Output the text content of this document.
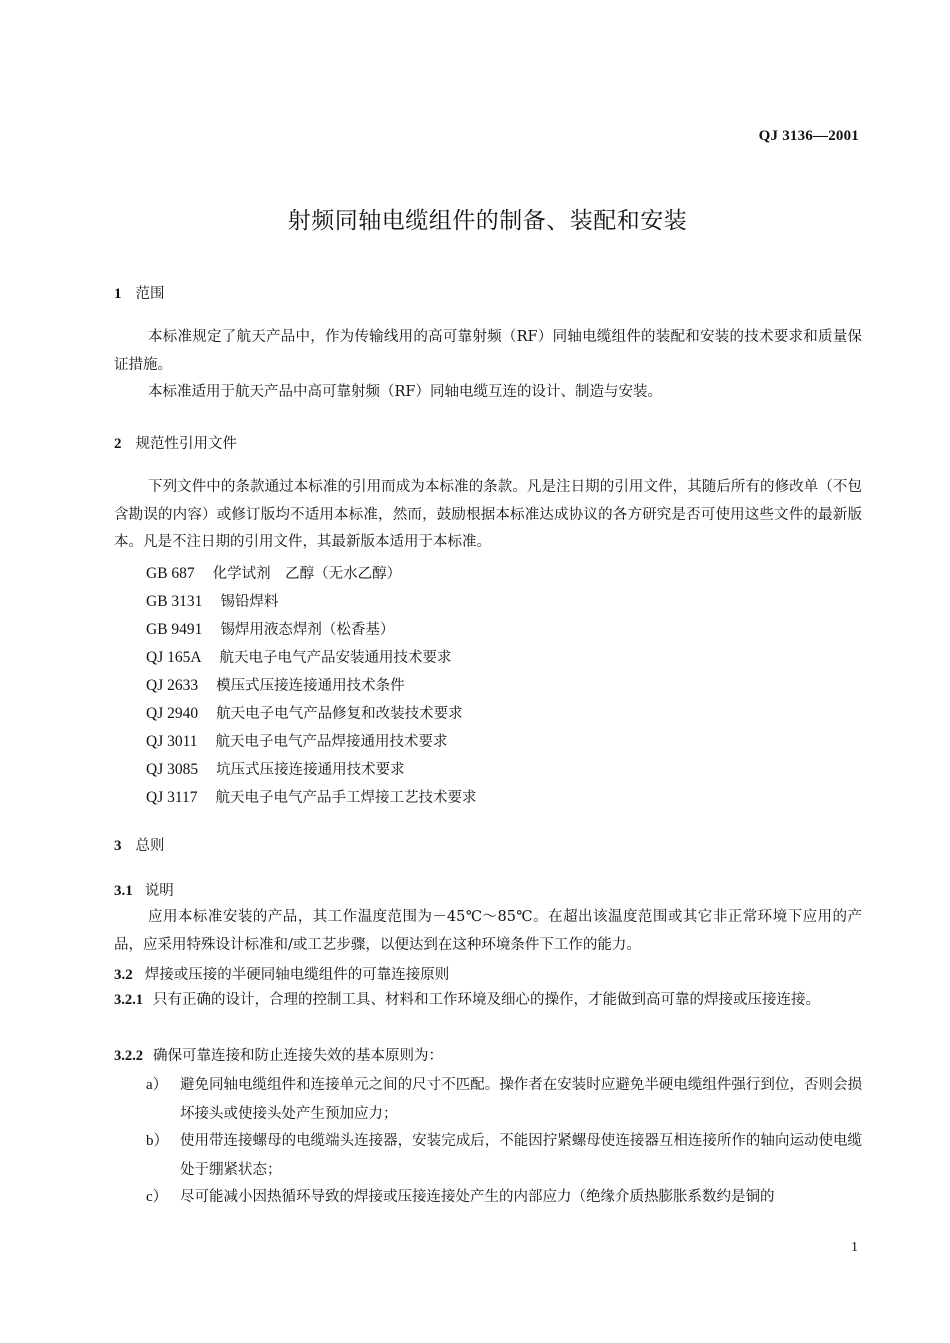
QJ 3136—2001
射频同轴电缆组件的制备、装配和安装
1 范围
本标准规定了航天产品中，作为传输线用的高可靠射频（RF）同轴电缆组件的装配和安装的技术要求和质量保证措施。
本标准适用于航天产品中高可靠射频（RF）同轴电缆互连的设计、制造与安装。
2 规范性引用文件
下列文件中的条款通过本标准的引用而成为本标准的条款。凡是注日期的引用文件，其随后所有的修改单（不包含勘误的内容）或修订版均不适用本标准，然而，鼓励根据本标准达成协议的各方研究是否可使用这些文件的最新版本。凡是不注日期的引用文件，其最新版本适用于本标准。
GB 687 化学试剂　乙醇（无水乙醇）
GB 3131 锡铅焊料
GB 9491 锡焊用液态焊剂（松香基）
QJ 165A 航天电子电气产品安装通用技术要求
QJ 2633 模压式压接连接通用技术条件
QJ 2940 航天电子电气产品修复和改装技术要求
QJ 3011 航天电子电气产品焊接通用技术要求
QJ 3085 坑压式压接连接通用技术要求
QJ 3117 航天电子电气产品手工焊接工艺技术要求
3 总则
3.1 说明
应用本标准安装的产品，其工作温度范围为－45℃～85℃。在超出该温度范围或其它非正常环境下应用的产品，应采用特殊设计标准和/或工艺步骤，以便达到在这种环境条件下工作的能力。
3.2 焊接或压接的半硬同轴电缆组件的可靠连接原则
3.2.1 只有正确的设计，合理的控制工具、材料和工作环境及细心的操作，才能做到高可靠的焊接或压接连接。
3.2.2 确保可靠连接和防止连接失效的基本原则为：
a） 避免同轴电缆组件和连接单元之间的尺寸不匹配。操作者在安装时应避免半硬电缆组件强行到位，否则会损坏接头或使接头处产生预加应力；
b） 使用带连接螺母的电缆端头连接器，安装完成后，不能因拧紧螺母使连接器互相连接所作的轴向运动使电缆处于绷紧状态；
c） 尽可能减小因热循环导致的焊接或压接连接处产生的内部应力（绝缘介质热膨胀系数约是铜的
1
